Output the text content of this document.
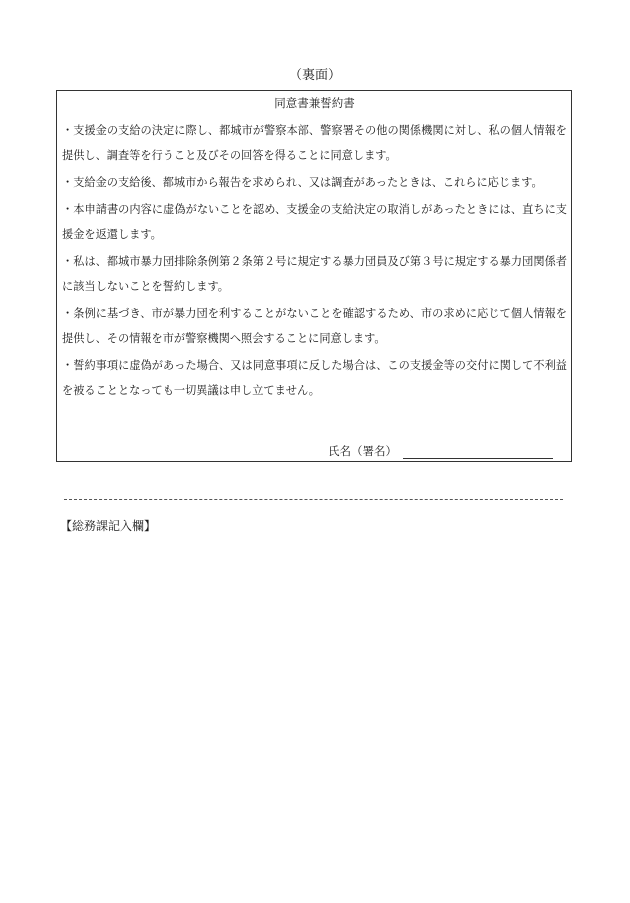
（裏面）
同意書兼誓約書
・支援金の支給の決定に際し、都城市が警察本部、警察署その他の関係機関に対し、私の個人情報を提供し、調査等を行うこと及びその回答を得ることに同意します。
・支給金の支給後、都城市から報告を求められ、又は調査があったときは、これらに応じます。
・本申請書の内容に虚偽がないことを認め、支援金の支給決定の取消しがあったときには、直ちに支援金を返還します。
・私は、都城市暴力団排除条例第２条第２号に規定する暴力団員及び第３号に規定する暴力団関係者に該当しないことを誓約します。
・条例に基づき、市が暴力団を利することがないことを確認するため、市の求めに応じて個人情報を提供し、その情報を市が警察機関へ照会することに同意します。
・誓約事項に虚偽があった場合、又は同意事項に反した場合は、この支援金等の交付に関して不利益を被ることとなっても一切異議は申し立てません。
氏名（署名）
【総務課記入欄】
